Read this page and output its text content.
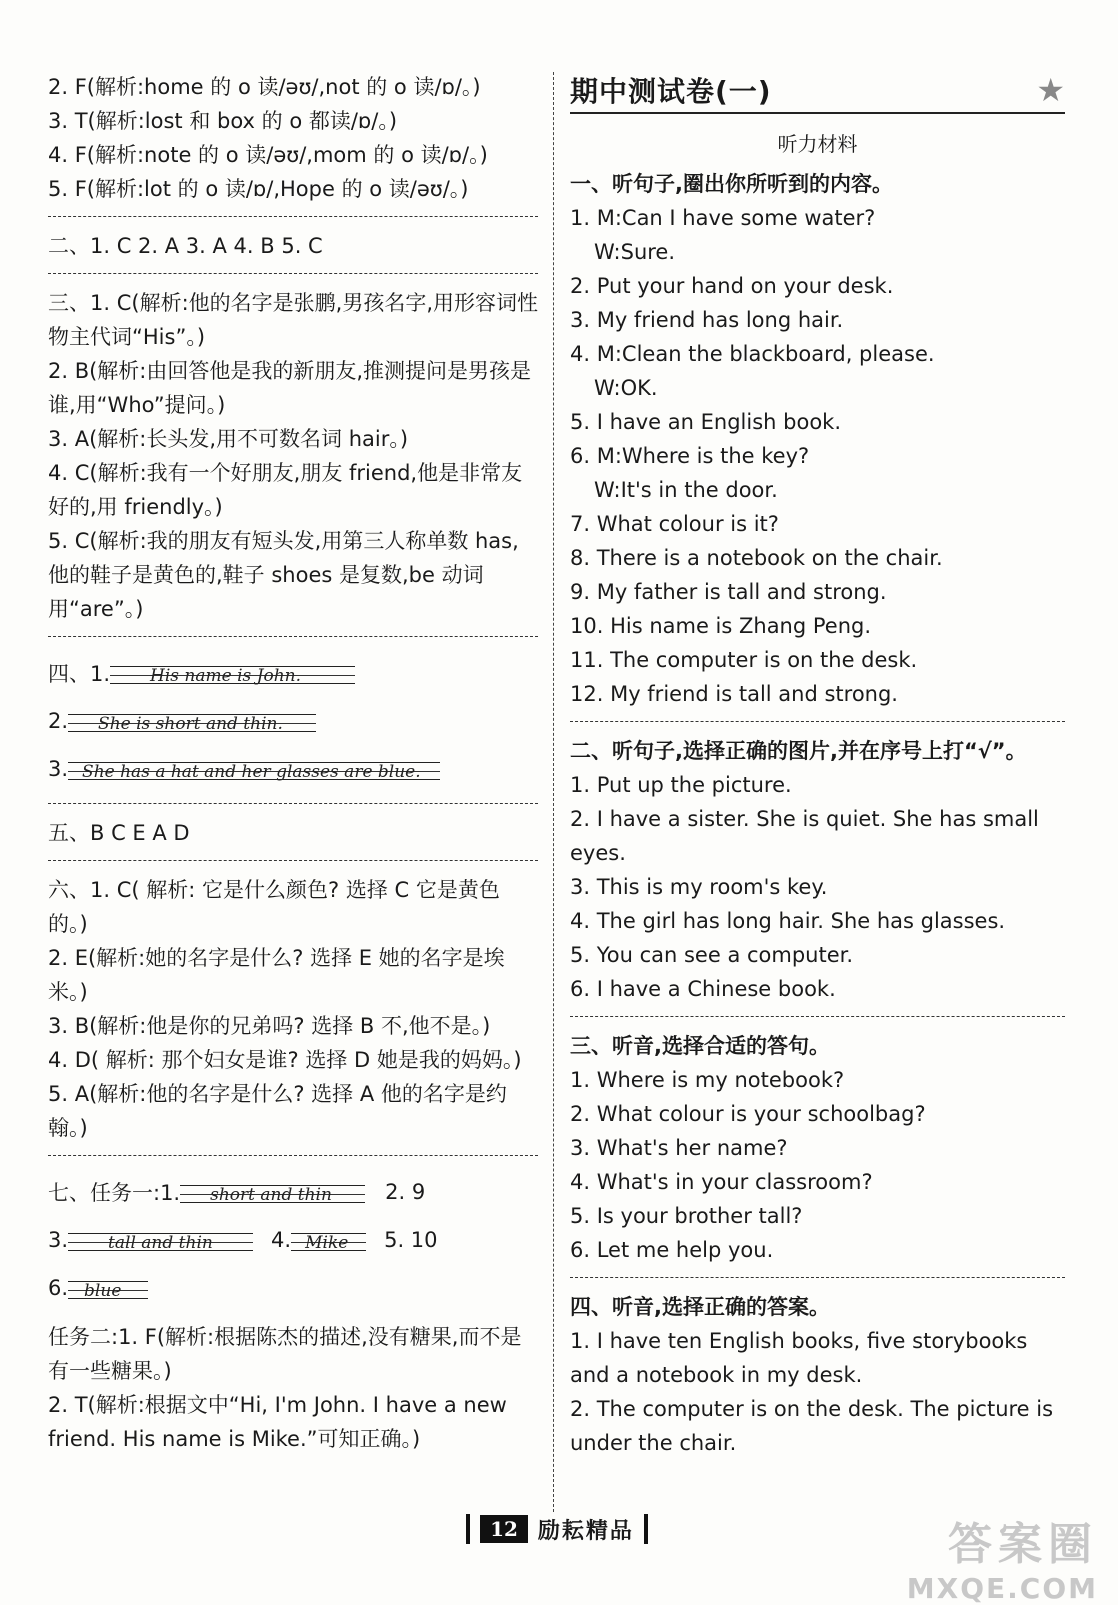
2. F(解析:home 的 o 读/əʊ/,not 的 o 读/ɒ/。)
3. T(解析:lost 和 box 的 o 都读/ɒ/。)
4. F(解析:note 的 o 读/əʊ/,mom 的 o 读/ɒ/。)
5. F(解析:lot 的 o 读/ɒ/,Hope 的 o 读/əʊ/。)
二、1. C 2. A 3. A 4. B 5. C
三、1. C(解析:他的名字是张鹏,男孩名字,用形容词性物主代词“His”。)
2. B(解析:由回答他是我的新朋友,推测提问是男孩是谁,用“Who”提问。)
3. A(解析:长头发,用不可数名词 hair。)
4. C(解析:我有一个好朋友,朋友 friend,他是非常友好的,用 friendly。)
5. C(解析:我的朋友有短头发,用第三人称单数 has,他的鞋子是黄色的,鞋子 shoes 是复数,be 动词用“are”。)
四、1.	His name is John.
2.	She is short and thin.
3. She has a hat and her glasses are blue.
五、B C E A D
六、1. C( 解析: 它是什么颜色? 选择 C 它是黄色的。)
2. E(解析:她的名字是什么? 选择 E 她的名字是埃米。)
3. B(解析:他是你的兄弟吗? 选择 B 不,他不是。)
4. D( 解析: 那个妇女是谁? 选择 D 她是我的妈妈。)
5. A(解析:他的名字是什么? 选择 A 他的名字是约翰。)
七、任务一:1.	short and thin	2. 9
3.	tall and thin	4. Mike	5. 10
6. blue
任务二:1. F(解析:根据陈杰的描述,没有糖果,而不是有一些糖果。)
2. T(解析:根据文中“Hi, I'm John. I have a new friend. His name is Mike.”可知正确。)
期中测试卷(一)	★
听力材料
一、听句子,圈出你所听到的内容。
1. M:Can I have some water?
W:Sure.
2. Put your hand on your desk.
3. My friend has long hair.
4. M:Clean the blackboard, please.
W:OK.
5. I have an English book.
6. M:Where is the key?
W:It's in the door.
7. What colour is it?
8. There is a notebook on the chair.
9. My father is tall and strong.
10. His name is Zhang Peng.
11. The computer is on the desk.
12. My friend is tall and strong.
二、听句子,选择正确的图片,并在序号上打“√”。
1. Put up the picture.
2. I have a sister. She is quiet. She has small eyes.
3. This is my room's key.
4. The girl has long hair. She has glasses.
5. You can see a computer.
6. I have a Chinese book.
三、听音,选择合适的答句。
1. Where is my notebook?
2. What colour is your schoolbag?
3. What's her name?
4. What's in your classroom?
5. Is your brother tall?
6. Let me help you.
四、听音,选择正确的答案。
1. I have ten English books, five storybooks and a notebook in my desk.
2. The computer is on the desk. The picture is under the chair.
12 励耘精品	答案圈
MXQE.COM
